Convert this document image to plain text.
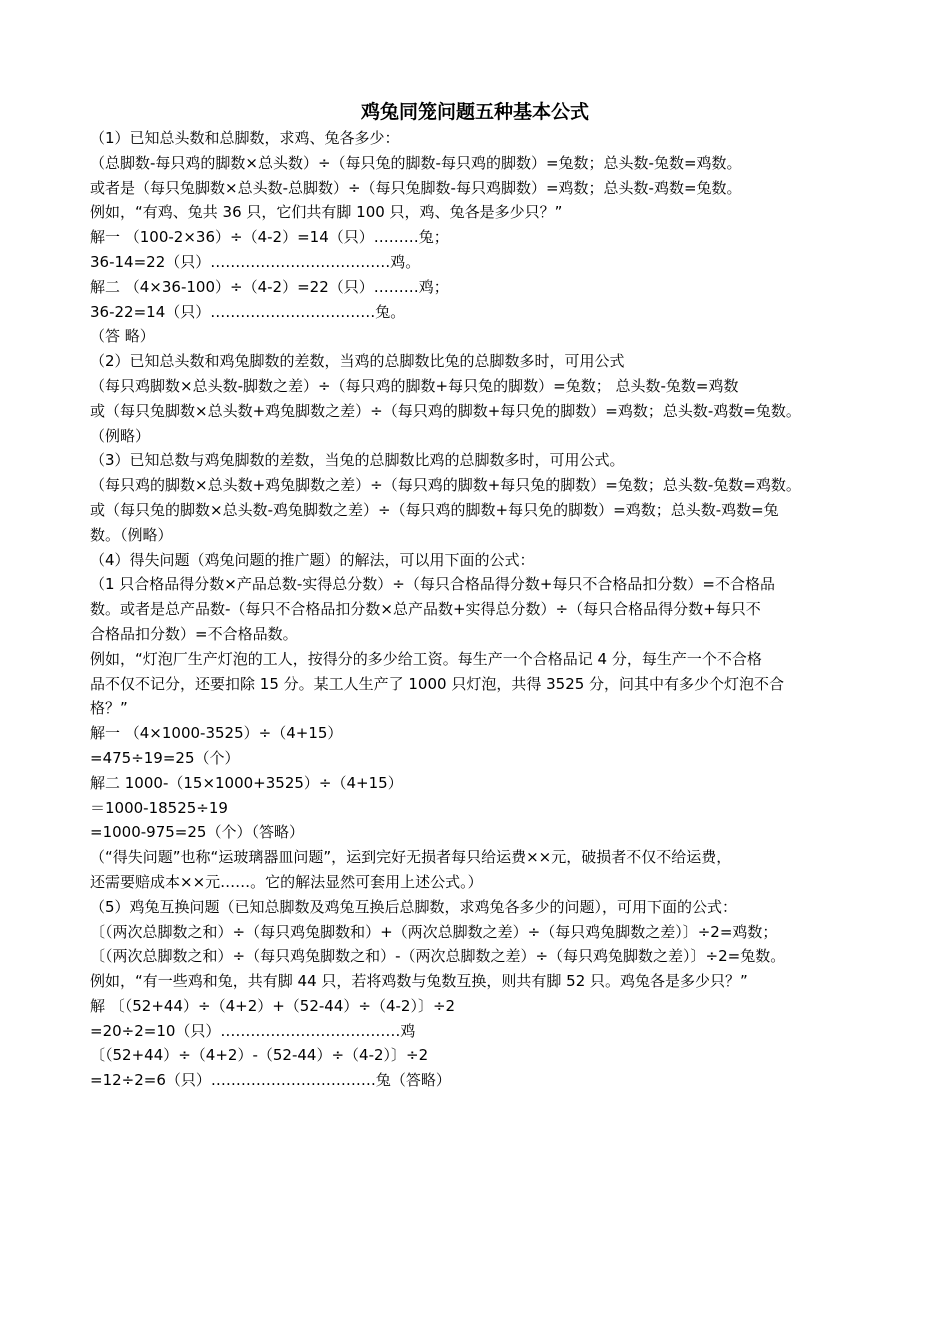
鸡兔同笼问题五种基本公式
（1）已知总头数和总脚数，求鸡、兔各多少：
（总脚数-每只鸡的脚数×总头数）÷（每只兔的脚数-每只鸡的脚数）=兔数；总头数-兔数=鸡数。
或者是（每只兔脚数×总头数-总脚数）÷（每只兔脚数-每只鸡脚数）=鸡数；总头数-鸡数=兔数。
例如，“有鸡、兔共 36 只，它们共有脚 100 只，鸡、兔各是多少只？”
解一 （100-2×36）÷（4-2）=14（只）………兔；
36-14=22（只）………………………………鸡。
解二 （4×36-100）÷（4-2）=22（只）………鸡；
36-22=14（只）……………………………兔。
（答 略）
（2）已知总头数和鸡兔脚数的差数，当鸡的总脚数比兔的总脚数多时，可用公式
（每只鸡脚数×总头数-脚数之差）÷（每只鸡的脚数+每只兔的脚数）=兔数； 总头数-兔数=鸡数
或（每只兔脚数×总头数+鸡兔脚数之差）÷（每只鸡的脚数+每只免的脚数）=鸡数；总头数-鸡数=兔数。
（例略）
（3）已知总数与鸡兔脚数的差数，当兔的总脚数比鸡的总脚数多时，可用公式。
（每只鸡的脚数×总头数+鸡兔脚数之差）÷（每只鸡的脚数+每只兔的脚数）=兔数；总头数-兔数=鸡数。
或（每只兔的脚数×总头数-鸡兔脚数之差）÷（每只鸡的脚数+每只免的脚数）=鸡数；总头数-鸡数=兔
数。（例略）
（4）得失问题（鸡兔问题的推广题）的解法，可以用下面的公式：
（1 只合格品得分数×产品总数-实得总分数）÷（每只合格品得分数+每只不合格品扣分数）=不合格品
数。或者是总产品数-（每只不合格品扣分数×总产品数+实得总分数）÷（每只合格品得分数+每只不
合格品扣分数）=不合格品数。
例如，“灯泡厂生产灯泡的工人，按得分的多少给工资。每生产一个合格品记 4 分，每生产一个不合格
品不仅不记分，还要扣除 15 分。某工人生产了 1000 只灯泡，共得 3525 分，问其中有多少个灯泡不合
格？”
解一 （4×1000-3525）÷（4+15）
=475÷19=25（个）
解二 1000-（15×1000+3525）÷（4+15）
＝1000-18525÷19
=1000-975=25（个）（答略）
（“得失问题”也称“运玻璃器皿问题”，运到完好无损者每只给运费××元，破损者不仅不给运费，
还需要赔成本××元……。它的解法显然可套用上述公式。）
（5）鸡兔互换问题（已知总脚数及鸡兔互换后总脚数，求鸡兔各多少的问题），可用下面的公式：
〔（两次总脚数之和）÷（每只鸡兔脚数和）+（两次总脚数之差）÷（每只鸡兔脚数之差）〕÷2=鸡数；
〔（两次总脚数之和）÷（每只鸡兔脚数之和）-（两次总脚数之差）÷（每只鸡兔脚数之差）〕÷2=兔数。
例如，“有一些鸡和兔，共有脚 44 只，若将鸡数与兔数互换，则共有脚 52 只。鸡兔各是多少只？”
解 〔（52+44）÷（4+2）+（52-44）÷（4-2）〕÷2
=20÷2=10（只）………………………………鸡
〔（52+44）÷（4+2）-（52-44）÷（4-2）〕÷2
=12÷2=6（只）……………………………兔（答略）
